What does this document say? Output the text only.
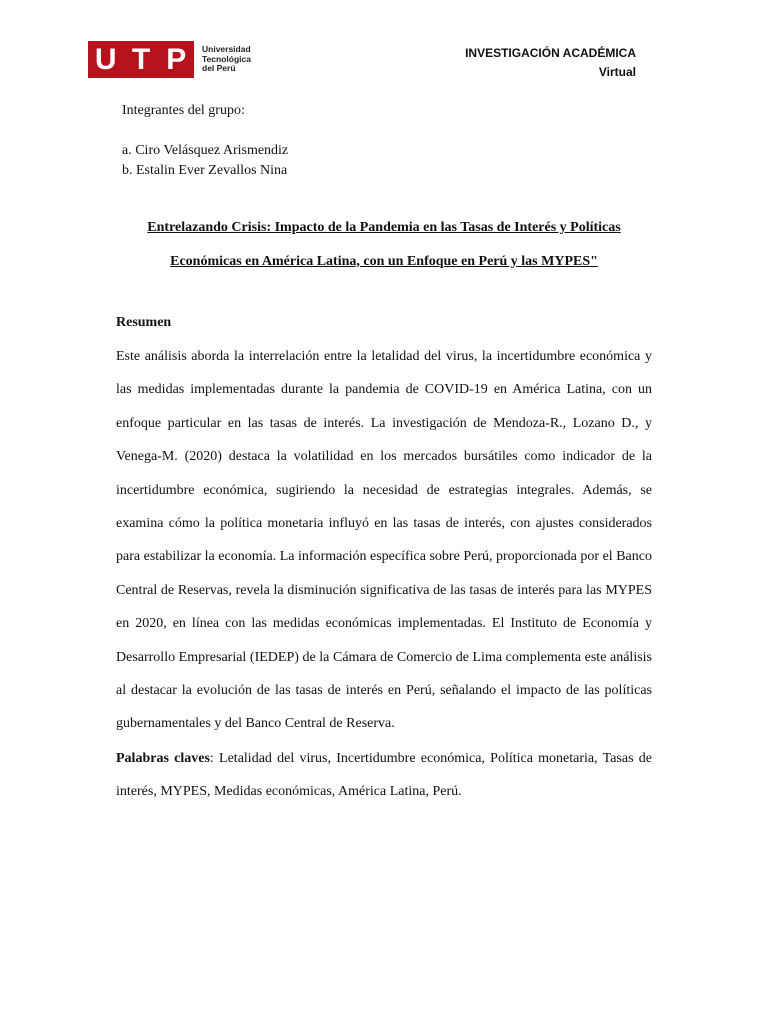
U T P	Universidad
Tecnológica
del Perú
INVESTIGACIÓN ACADÉMICA
Virtual
Integrantes del grupo:
a. Ciro Velásquez Arismendiz
b. Estalin Ever Zevallos Nina
Entrelazando Crisis: Impacto de la Pandemia en las Tasas de Interés y Políticas
Económicas en América Latina, con un Enfoque en Perú y las MYPES"
Resumen

Este análisis aborda la interrelación entre la letalidad del virus, la incertidumbre económica y las medidas implementadas durante la pandemia de COVID-19 en América Latina, con un enfoque particular en las tasas de interés. La investigación de Mendoza-R., Lozano D., y Venega-M. (2020) destaca la volatilidad en los mercados bursátiles como indicador de la incertidumbre económica, sugiriendo la necesidad de estrategias integrales. Además, se examina cómo la política monetaria influyó en las tasas de interés, con ajustes considerados para estabilizar la economía. La información específica sobre Perú, proporcionada por el Banco Central de Reservas, revela la disminución significativa de las tasas de interés para las MYPES en 2020, en línea con las medidas económicas implementadas. El Instituto de Economía y Desarrollo Empresarial (IEDEP) de la Cámara de Comercio de Lima complementa este análisis al destacar la evolución de las tasas de interés en Perú, señalando el impacto de las políticas gubernamentales y del Banco Central de Reserva.

Palabras claves: Letalidad del virus, Incertidumbre económica, Política monetaria, Tasas de interés, MYPES, Medidas económicas, América Latina, Perú.
